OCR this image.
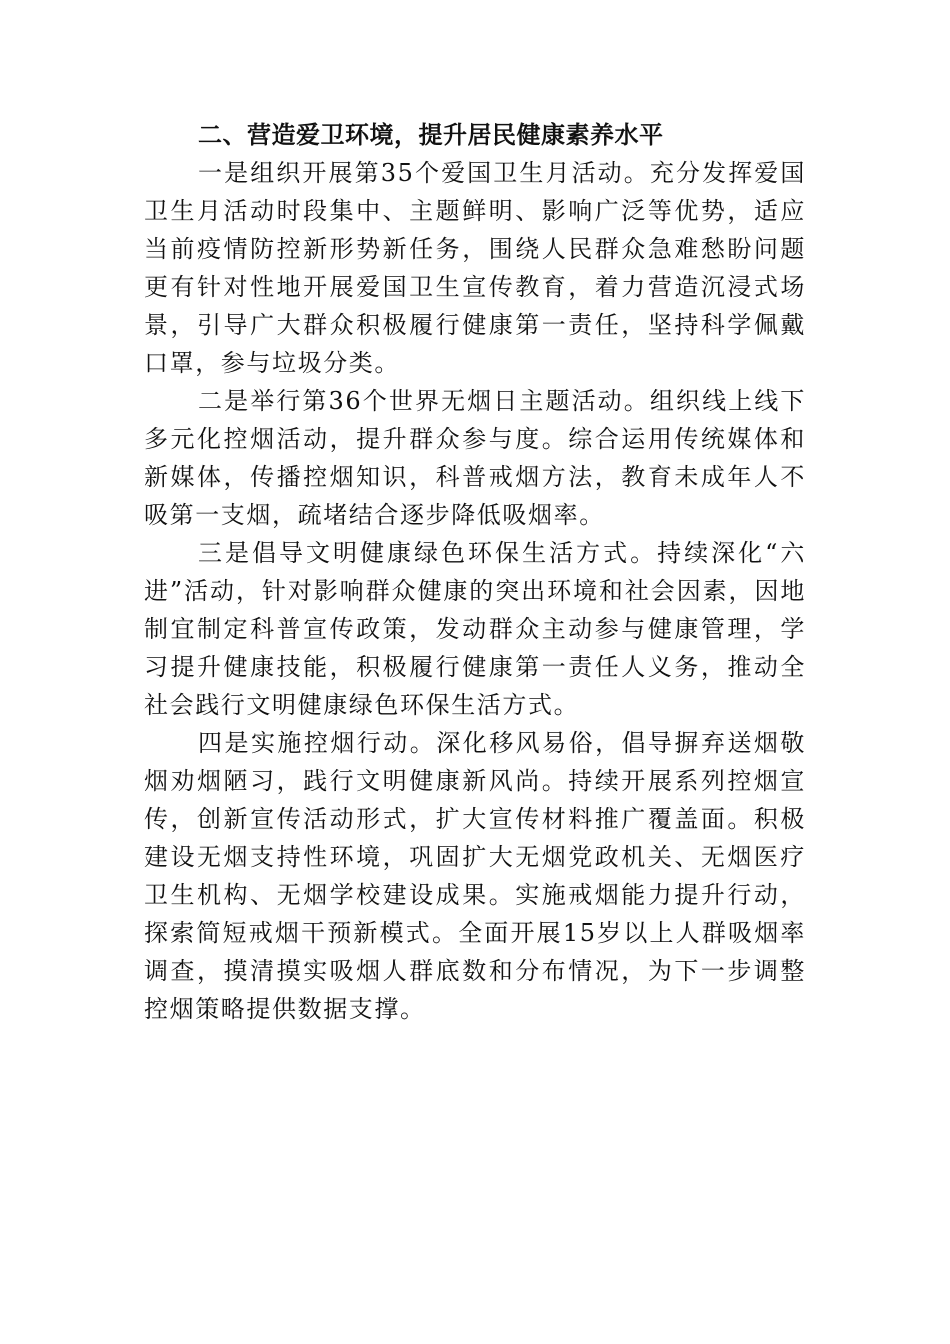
二、营造爱卫环境，提升居民健康素养水平

一是组织开展第35个爱国卫生月活动。充分发挥爱国卫生月活动时段集中、主题鲜明、影响广泛等优势，适应当前疫情防控新形势新任务，围绕人民群众急难愁盼问题更有针对性地开展爱国卫生宣传教育，着力营造沉浸式场景，引导广大群众积极履行健康第一责任，坚持科学佩戴口罩，参与垃圾分类。

二是举行第36个世界无烟日主题活动。组织线上线下多元化控烟活动，提升群众参与度。综合运用传统媒体和新媒体，传播控烟知识，科普戒烟方法，教育未成年人不吸第一支烟，疏堵结合逐步降低吸烟率。

三是倡导文明健康绿色环保生活方式。持续深化“六进”活动，针对影响群众健康的突出环境和社会因素，因地制宜制定科普宣传政策，发动群众主动参与健康管理，学习提升健康技能，积极履行健康第一责任人义务，推动全社会践行文明健康绿色环保生活方式。

四是实施控烟行动。深化移风易俗，倡导摒弃送烟敬烟劝烟陋习，践行文明健康新风尚。持续开展系列控烟宣传，创新宣传活动形式，扩大宣传材料推广覆盖面。积极建设无烟支持性环境，巩固扩大无烟党政机关、无烟医疗卫生机构、无烟学校建设成果。实施戒烟能力提升行动，探索简短戒烟干预新模式。全面开展15岁以上人群吸烟率调查，摸清摸实吸烟人群底数和分布情况，为下一步调整控烟策略提供数据支撑。
